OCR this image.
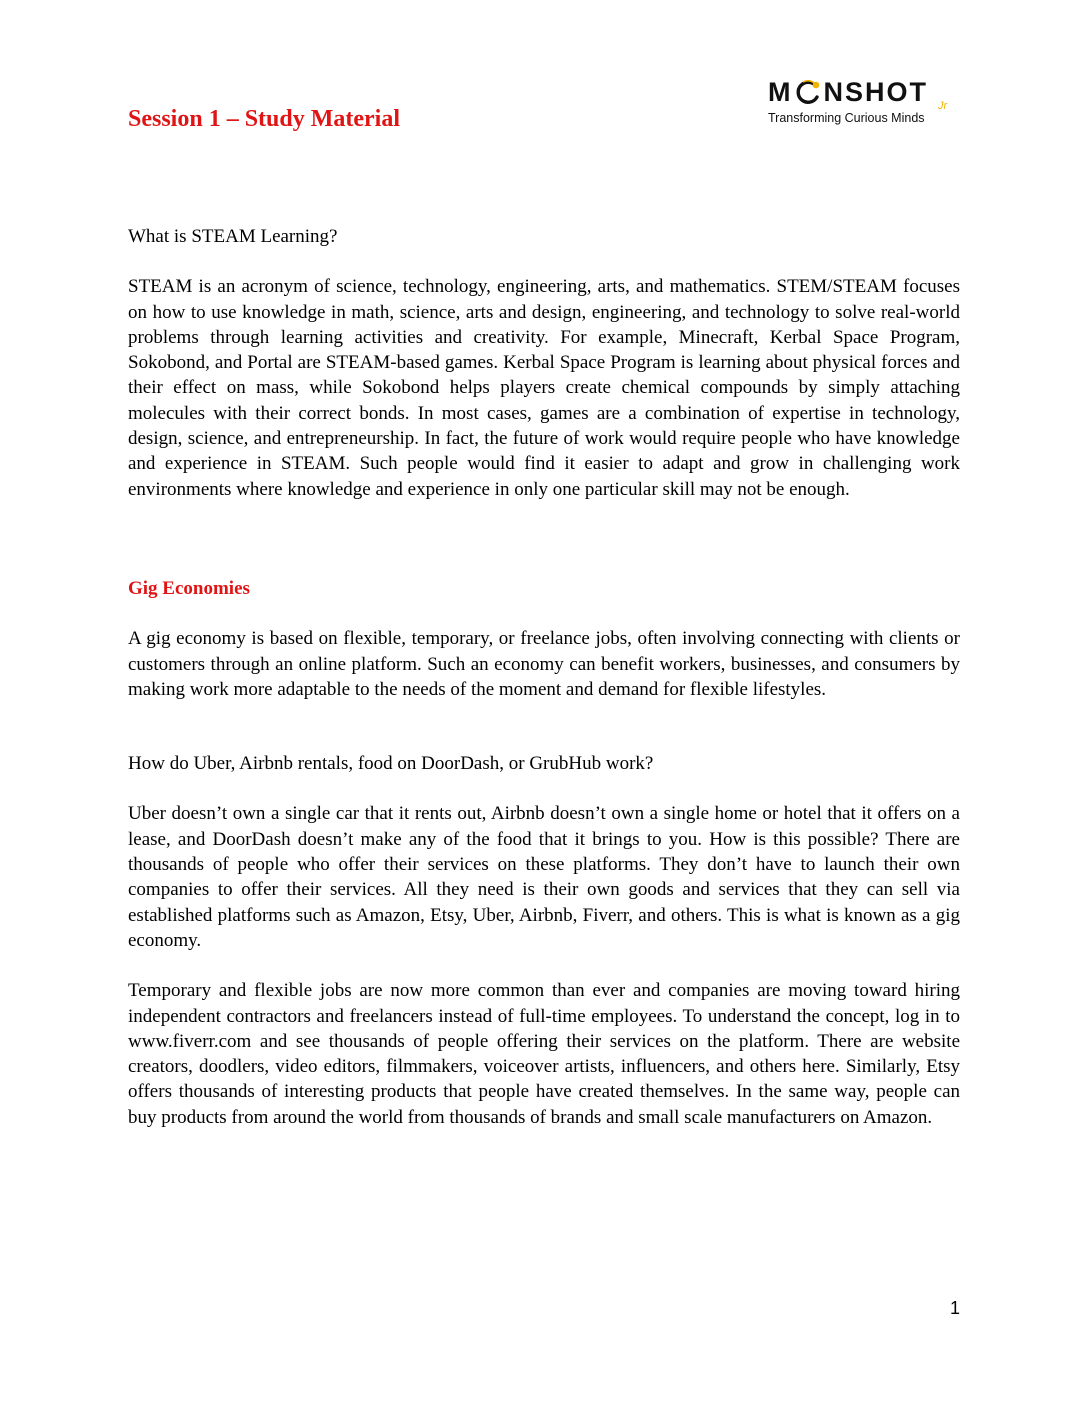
Session 1 – Study Material
M NSHOT Jr
Transforming Curious Minds

What is STEAM Learning?

STEAM is an acronym of science, technology, engineering, arts, and mathematics. STEM/STEAM focuses on how to use knowledge in math, science, arts and design, engineering, and technology to solve real-world problems through learning activities and creativity. For example, Minecraft, Kerbal Space Program, Sokobond, and Portal are STEAM-based games. Kerbal Space Program is learning about physical forces and their effect on mass, while Sokobond helps players create chemical compounds by simply attaching molecules with their correct bonds. In most cases, games are a combination of expertise in technology, design, science, and entrepreneurship. In fact, the future of work would require people who have knowledge and experience in STEAM. Such people would find it easier to adapt and grow in challenging work environments where knowledge and experience in only one particular skill may not be enough.

Gig Economies

A gig economy is based on flexible, temporary, or freelance jobs, often involving connecting with clients or customers through an online platform. Such an economy can benefit workers, businesses, and consumers by making work more adaptable to the needs of the moment and demand for flexible lifestyles.

How do Uber, Airbnb rentals, food on DoorDash, or GrubHub work?

Uber doesn’t own a single car that it rents out, Airbnb doesn’t own a single home or hotel that it offers on a lease, and DoorDash doesn’t make any of the food that it brings to you. How is this possible? There are thousands of people who offer their services on these platforms. They don’t have to launch their own companies to offer their services. All they need is their own goods and services that they can sell via established platforms such as Amazon, Etsy, Uber, Airbnb, Fiverr, and others. This is what is known as a gig economy.

Temporary and flexible jobs are now more common than ever and companies are moving toward hiring independent contractors and freelancers instead of full-time employees. To understand the concept, log in to www.fiverr.com and see thousands of people offering their services on the platform. There are website creators, doodlers, video editors, filmmakers, voiceover artists, influencers, and others here. Similarly, Etsy offers thousands of interesting products that people have created themselves. In the same way, people can buy products from around the world from thousands of brands and small scale manufacturers on Amazon.

1
